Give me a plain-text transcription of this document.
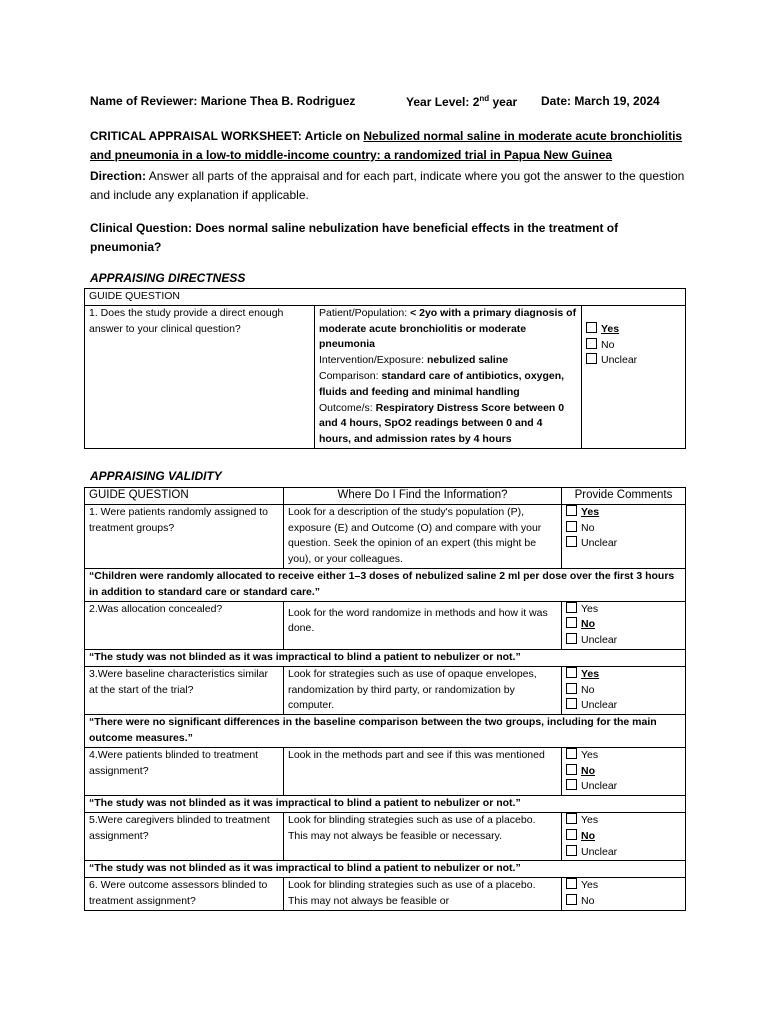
Name of Reviewer: Marione Thea B. Rodriguez	Year Level: 2nd year Date: March 19, 2024
CRITICAL APPRAISAL WORKSHEET: Article on Nebulized normal saline in moderate acute bronchiolitis and pneumonia in a low-to middle-income country: a randomized trial in Papua New Guinea
Direction: Answer all parts of the appraisal and for each part, indicate where you got the answer to the question and include any explanation if applicable.
Clinical Question: Does normal saline nebulization have beneficial effects in the treatment of pneumonia?
APPRAISING DIRECTNESS
GUIDE QUESTION
1. Does the study provide a direct enough answer to your clinical question?	Patient/Population: < 2yo with a primary diagnosis of moderate acute bronchiolitis or moderate pneumonia
Intervention/Exposure: nebulized saline
Comparison: standard care of antibiotics, oxygen, fluids and feeding and minimal handling
Outcome/s: Respiratory Distress Score between 0 and 4 hours, SpO2 readings between 0 and 4 hours, and admission rates by 4 hours	
Yes
No
Unclear
APPRAISING VALIDITY
GUIDE QUESTION	Where Do I Find the Information?	Provide Comments
1. Were patients randomly assigned to treatment groups?	Look for a description of the study's population (P), exposure (E) and Outcome (O) and compare with your question. Seek the opinion of an expert (this might be you), or your colleagues.	Yes
No
Unclear

“Children were randomly allocated to receive either 1–3 doses of nebulized saline 2 ml per dose over the first 3 hours in addition to standard care or standard care.”		
2.Was allocation concealed?	Look for the word randomize in methods and how it was done.	Yes
No
Unclear

“The study was not blinded as it was impractical to blind a patient to nebulizer or not.”		
3.Were baseline characteristics similar at the start of the trial?	Look for strategies such as use of opaque envelopes, randomization by third party, or randomization by computer.	Yes
No
Unclear

“There were no significant differences in the baseline comparison between the two groups, including for the main outcome measures.”		
4.Were patients blinded to treatment assignment?	Look in the methods part and see if this was mentioned	Yes
No
Unclear

“The study was not blinded as it was impractical to blind a patient to nebulizer or not.”		
5.Were caregivers blinded to treatment assignment?	Look for blinding strategies such as use of a placebo. This may not always be feasible or necessary.	Yes
No
Unclear

“The study was not blinded as it was impractical to blind a patient to nebulizer or not.”		
6. Were outcome assessors blinded to treatment assignment?	Look for blinding strategies such as use of a placebo. This may not always be feasible or	Yes
No
